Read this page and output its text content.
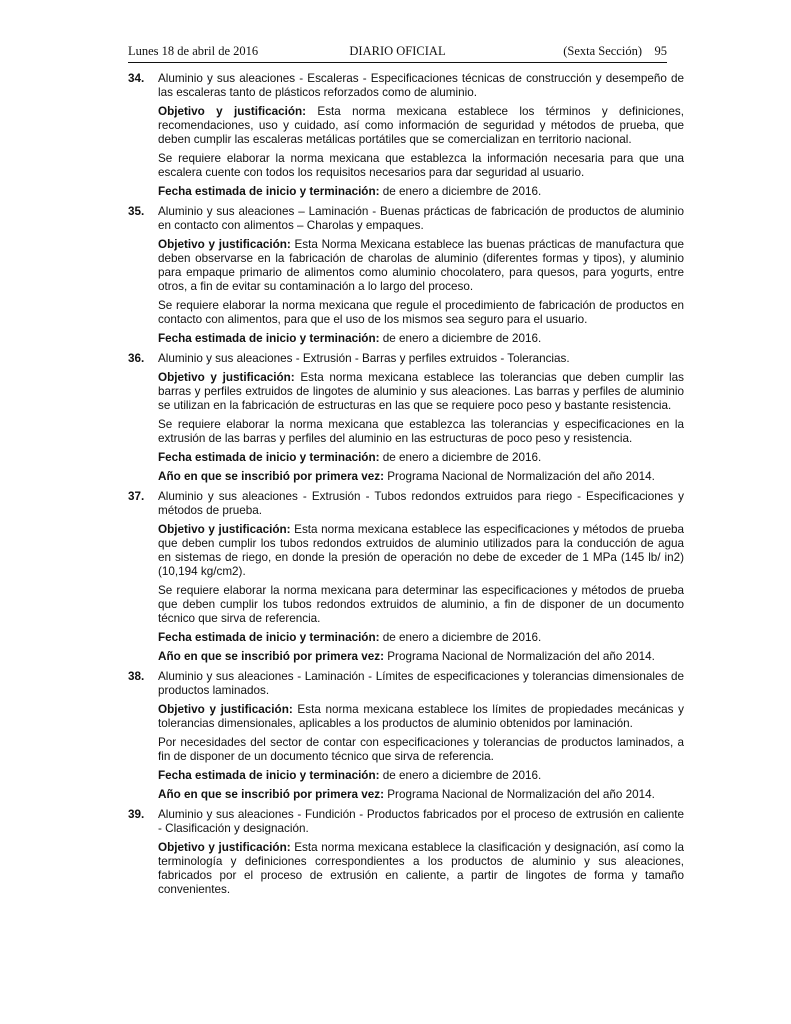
Lunes 18 de abril de 2016	DIARIO OFICIAL	(Sexta Sección) 95
34.	Aluminio y sus aleaciones - Escaleras - Especificaciones técnicas de construcción y desempeño de las escaleras tanto de plásticos reforzados como de aluminio.

Objetivo y justificación: Esta norma mexicana establece los términos y definiciones, recomendaciones, uso y cuidado, así como información de seguridad y métodos de prueba, que deben cumplir las escaleras metálicas portátiles que se comercializan en territorio nacional.

Se requiere elaborar la norma mexicana que establezca la información necesaria para que una escalera cuente con todos los requisitos necesarios para dar seguridad al usuario.

Fecha estimada de inicio y terminación: de enero a diciembre de 2016.

35.	Aluminio y sus aleaciones – Laminación - Buenas prácticas de fabricación de productos de aluminio en contacto con alimentos – Charolas y empaques.

Objetivo y justificación: Esta Norma Mexicana establece las buenas prácticas de manufactura que deben observarse en la fabricación de charolas de aluminio (diferentes formas y tipos), y aluminio para empaque primario de alimentos como aluminio chocolatero, para quesos, para yogurts, entre otros, a fin de evitar su contaminación a lo largo del proceso.

Se requiere elaborar la norma mexicana que regule el procedimiento de fabricación de productos en contacto con alimentos, para que el uso de los mismos sea seguro para el usuario.

Fecha estimada de inicio y terminación: de enero a diciembre de 2016.

36.	Aluminio y sus aleaciones - Extrusión - Barras y perfiles extruidos - Tolerancias.

Objetivo y justificación: Esta norma mexicana establece las tolerancias que deben cumplir las barras y perfiles extruidos de lingotes de aluminio y sus aleaciones. Las barras y perfiles de aluminio se utilizan en la fabricación de estructuras en las que se requiere poco peso y bastante resistencia.

Se requiere elaborar la norma mexicana que establezca las tolerancias y especificaciones en la extrusión de las barras y perfiles del aluminio en las estructuras de poco peso y resistencia.

Fecha estimada de inicio y terminación: de enero a diciembre de 2016.

Año en que se inscribió por primera vez: Programa Nacional de Normalización del año 2014.

37.	Aluminio y sus aleaciones - Extrusión - Tubos redondos extruidos para riego - Especificaciones y métodos de prueba.

Objetivo y justificación: Esta norma mexicana establece las especificaciones y métodos de prueba que deben cumplir los tubos redondos extruidos de aluminio utilizados para la conducción de agua en sistemas de riego, en donde la presión de operación no debe de exceder de 1 MPa (145 lb/ in2) (10,194 kg/cm2).

Se requiere elaborar la norma mexicana para determinar las especificaciones y métodos de prueba que deben cumplir los tubos redondos extruidos de aluminio, a fin de disponer de un documento técnico que sirva de referencia.

Fecha estimada de inicio y terminación: de enero a diciembre de 2016.

Año en que se inscribió por primera vez: Programa Nacional de Normalización del año 2014.

38.	Aluminio y sus aleaciones - Laminación - Límites de especificaciones y tolerancias dimensionales de productos laminados.

Objetivo y justificación: Esta norma mexicana establece los límites de propiedades mecánicas y tolerancias dimensionales, aplicables a los productos de aluminio obtenidos por laminación.

Por necesidades del sector de contar con especificaciones y tolerancias de productos laminados, a fin de disponer de un documento técnico que sirva de referencia.

Fecha estimada de inicio y terminación: de enero a diciembre de 2016.

Año en que se inscribió por primera vez: Programa Nacional de Normalización del año 2014.

39.	Aluminio y sus aleaciones - Fundición - Productos fabricados por el proceso de extrusión en caliente - Clasificación y designación.

Objetivo y justificación: Esta norma mexicana establece la clasificación y designación, así como la terminología y definiciones correspondientes a los productos de aluminio y sus aleaciones, fabricados por el proceso de extrusión en caliente, a partir de lingotes de forma y tamaño convenientes.
